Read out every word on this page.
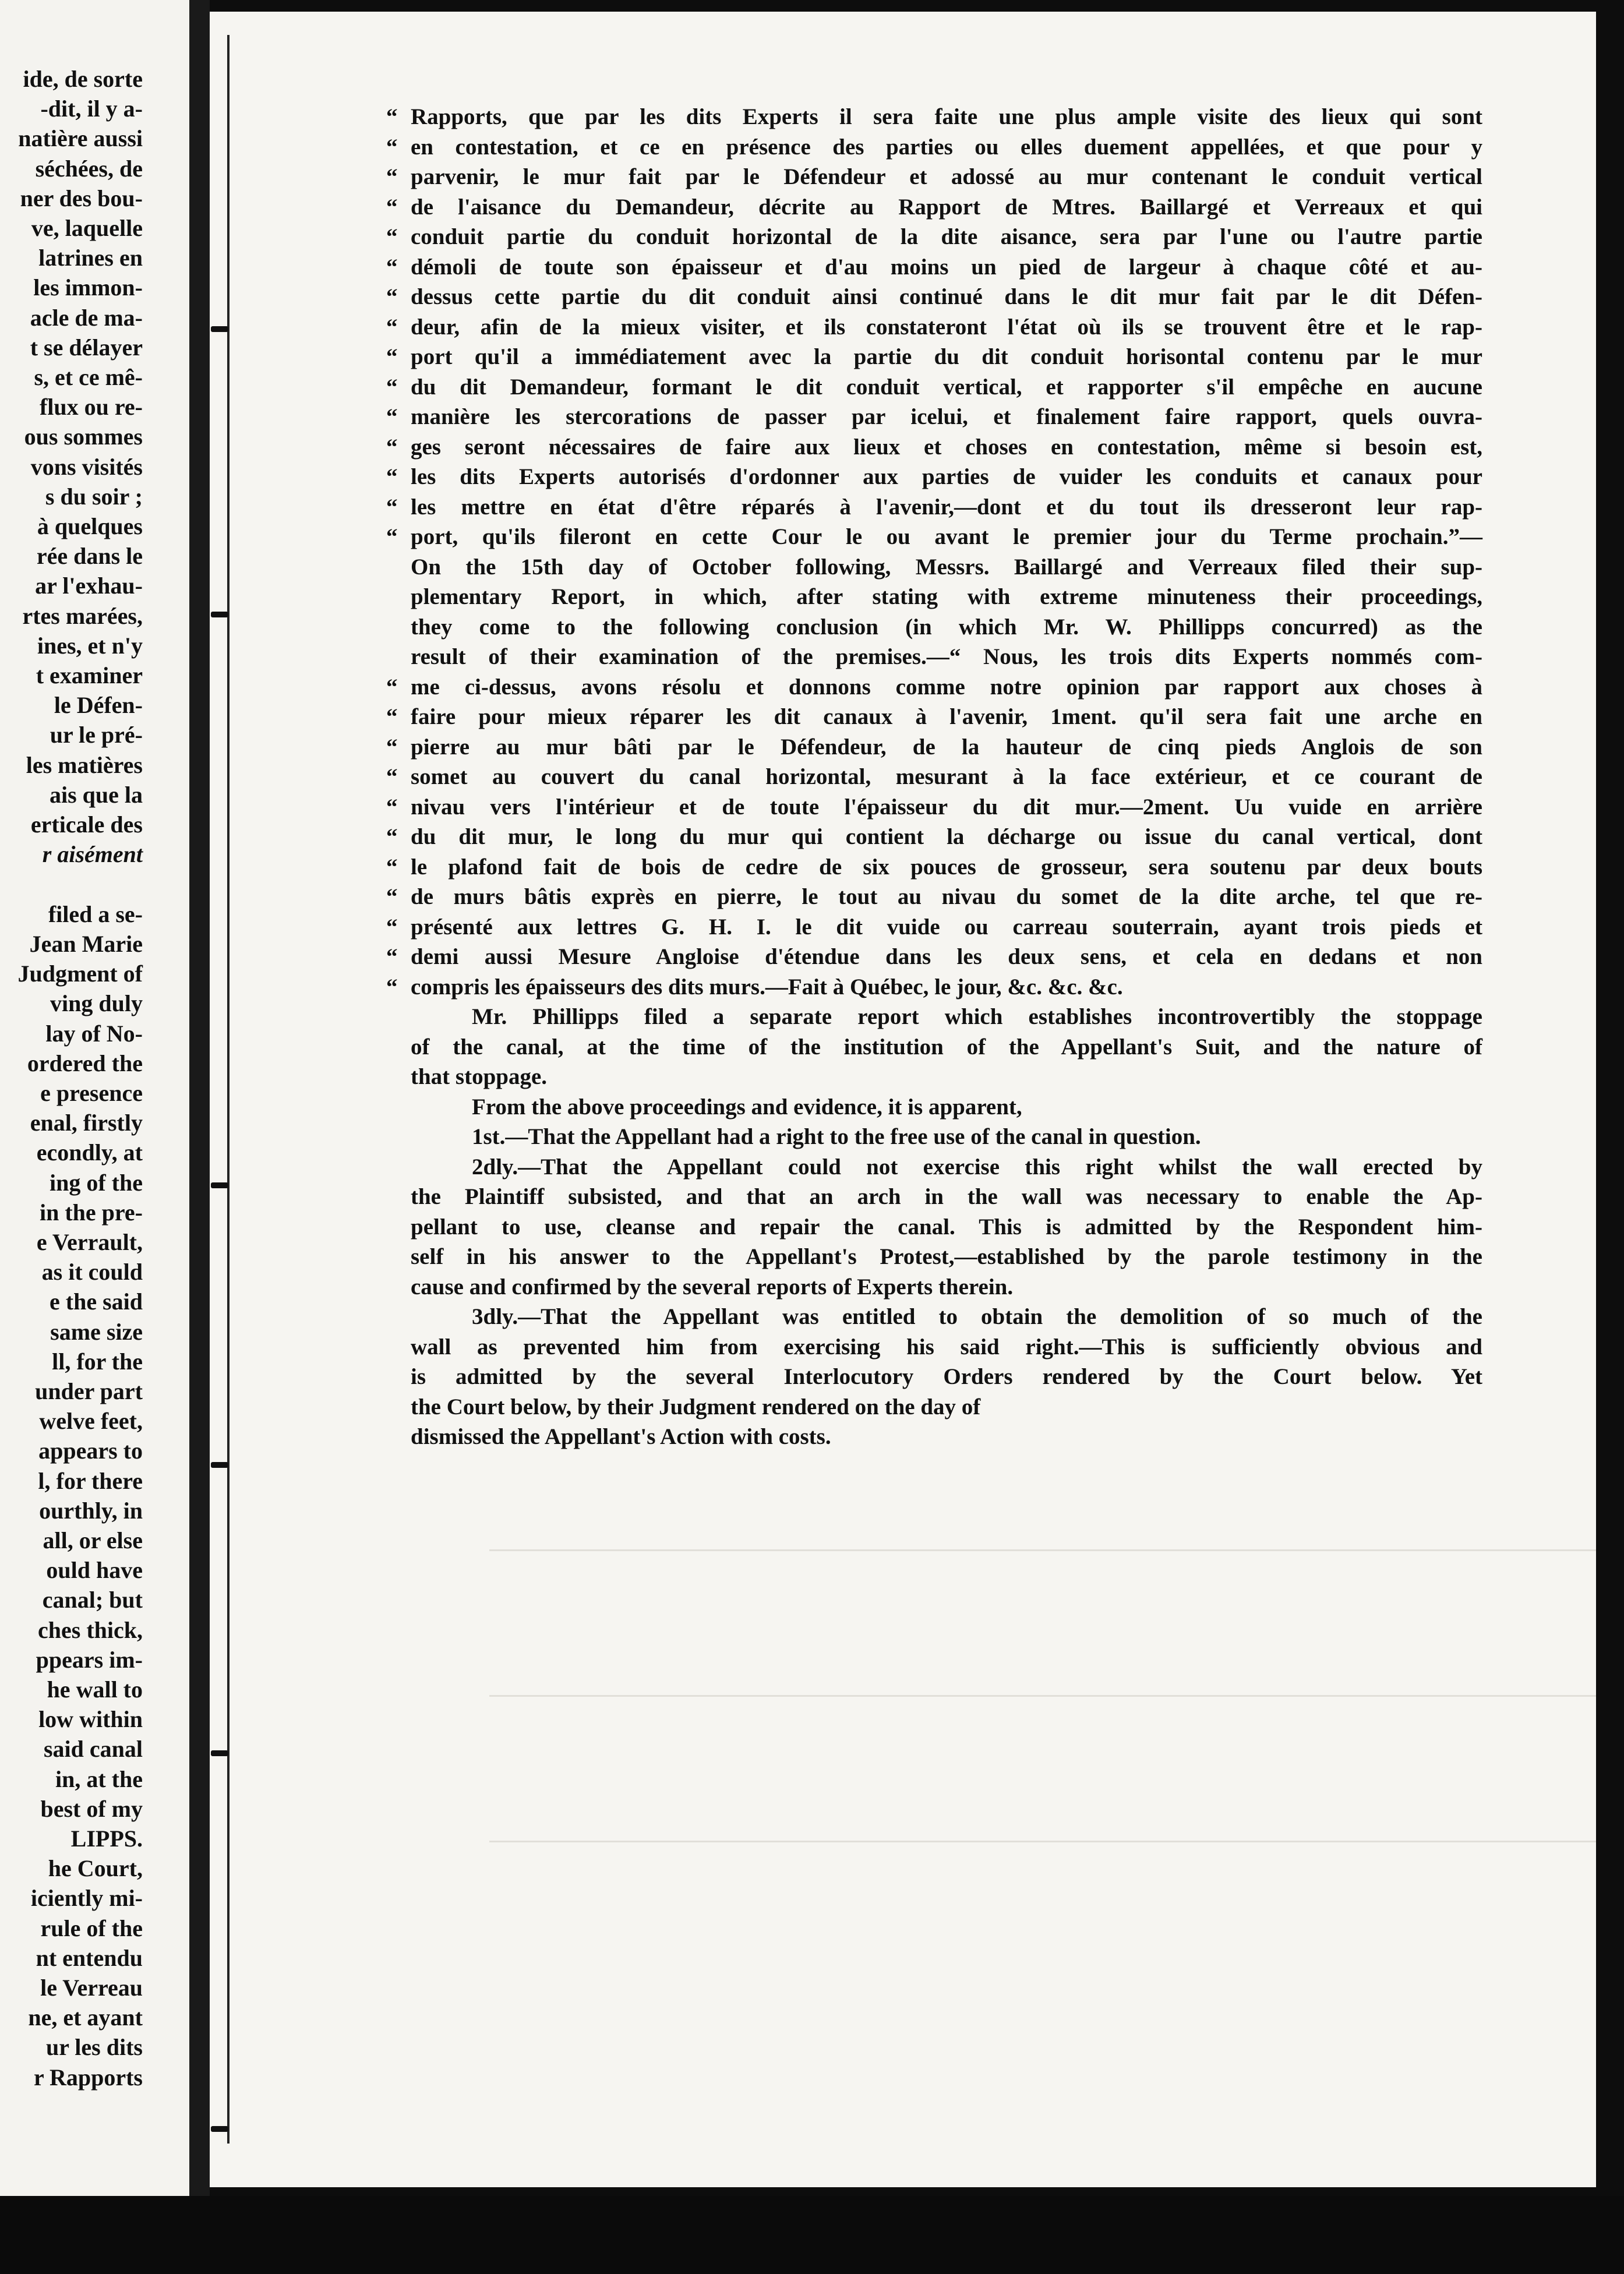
ide, de sorte
-dit, il y a-
natière aussi
séchées, de
ner des bou-
ve, laquelle
latrines en
les immon-
acle de ma-
t se délayer
s, et ce mê-
flux ou re-
ous sommes
vons visités
s du soir ;
à quelques
rée dans le
ar l'exhau-
rtes marées,
ines, et n'y
t examiner
le Défen-
ur le pré-
les matières
ais que la
erticale des
r aisément

filed a se-
Jean Marie
Judgment of
ving duly
lay of No-
ordered the
e presence
enal, firstly
econdly, at
ing of the
in the pre-
e Verrault,
as it could
e the said
same size
ll, for the
under part
welve feet,
appears to
l, for there
ourthly, in
all, or else
ould have
canal; but
ches thick,
ppears im-
he wall to
low within
said canal
in, at the
best of my
LIPPS.
he Court,
iciently mi-
rule of the
nt entendu
le Verreau
ne, et ayant
ur les dits
r Rapports
Rapports, que par les dits Experts il sera faite une plus ample visite des lieux qui sont
en contestation, et ce en présence des parties ou elles duement appellées, et que pour y
parvenir, le mur fait par le Défendeur et adossé au mur contenant le conduit vertical
de l'aisance du Demandeur, décrite au Rapport de Mtres. Baillargé et Verreaux et qui
conduit partie du conduit horizontal de la dite aisance, sera par l'une ou l'autre partie
démoli de toute son épaisseur et d'au moins un pied de largeur à chaque côté et au-
dessus cette partie du dit conduit ainsi continué dans le dit mur fait par le dit Défen-
deur, afin de la mieux visiter, et ils constateront l'état où ils se trouvent être et le rap-
port qu'il a immédiatement avec la partie du dit conduit horisontal contenu par le mur
du dit Demandeur, formant le dit conduit vertical, et rapporter s'il empêche en aucune
manière les stercorations de passer par icelui, et finalement faire rapport, quels ouvra-
ges seront nécessaires de faire aux lieux et choses en contestation, même si besoin est,
les dits Experts autorisés d'ordonner aux parties de vuider les conduits et canaux pour
les mettre en état d'être réparés à l'avenir,—dont et du tout ils dresseront leur rap-
port, qu'ils fileront en cette Cour le ou avant le premier jour du Terme prochain.”—
On the 15th day of October following, Messrs. Baillargé and Verreaux filed their sup-
plementary Report, in which, after stating with extreme minuteness their proceedings,
they come to the following conclusion (in which Mr. W. Phillipps concurred) as the
result of their examination of the premises.—“ Nous, les trois dits Experts nommés com-
me ci-dessus, avons résolu et donnons comme notre opinion par rapport aux choses à
faire pour mieux réparer les dit canaux à l'avenir, 1ment. qu'il sera fait une arche en
pierre au mur bâti par le Défendeur, de la hauteur de cinq pieds Anglois de son
somet au couvert du canal horizontal, mesurant à la face extérieur, et ce courant de
nivau vers l'intérieur et de toute l'épaisseur du dit mur.—2ment. Uu vuide en arrière
du dit mur, le long du mur qui contient la décharge ou issue du canal vertical, dont
le plafond fait de bois de cedre de six pouces de grosseur, sera soutenu par deux bouts
de murs bâtis exprès en pierre, le tout au nivau du somet de la dite arche, tel que re-
présenté aux lettres G. H. I. le dit vuide ou carreau souterrain, ayant trois pieds et
demi aussi Mesure Angloise d'étendue dans les deux sens, et cela en dedans et non
compris les épaisseurs des dits murs.—Fait à Québec, le jour, &c. &c. &c.
Mr. Phillipps filed a separate report which establishes incontrovertibly the stoppage
of the canal, at the time of the institution of the Appellant's Suit, and the nature of
that stoppage.
From the above proceedings and evidence, it is apparent,
1st.—That the Appellant had a right to the free use of the canal in question.
2dly.—That the Appellant could not exercise this right whilst the wall erected by
the Plaintiff subsisted, and that an arch in the wall was necessary to enable the Ap-
pellant to use, cleanse and repair the canal. This is admitted by the Respondent him-
self in his answer to the Appellant's Protest,—established by the parole testimony in the
cause and confirmed by the several reports of Experts therein.
3dly.—That the Appellant was entitled to obtain the demolition of so much of the
wall as prevented him from exercising his said right.—This is sufficiently obvious and
is admitted by the several Interlocutory Orders rendered by the Court below. Yet
the Court below, by their Judgment rendered on the day of
dismissed the Appellant's Action with costs.
